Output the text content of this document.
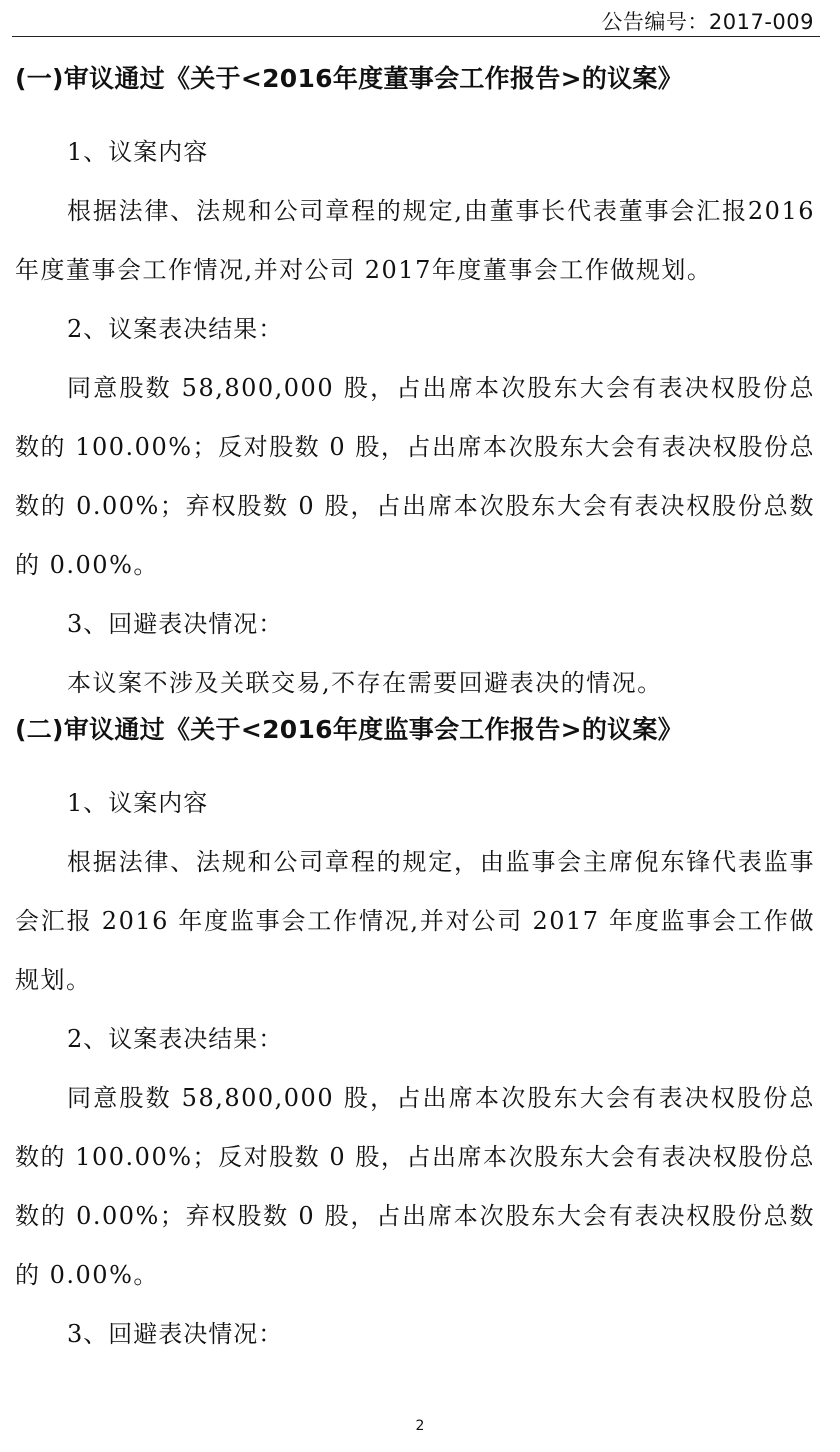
公告编号：2017-009
(一)审议通过《关于<2016年度董事会工作报告>的议案》

1、议案内容

根据法律、法规和公司章程的规定,由董事长代表董事会汇报2016年度董事会工作情况,并对公司 2017年度董事会工作做规划。

2、议案表决结果：

同意股数 58,800,000 股，占出席本次股东大会有表决权股份总数的 100.00%；反对股数 0 股，占出席本次股东大会有表决权股份总数的 0.00%；弃权股数 0 股，占出席本次股东大会有表决权股份总数的 0.00%。

3、回避表决情况：

本议案不涉及关联交易,不存在需要回避表决的情况。

(二)审议通过《关于<2016年度监事会工作报告>的议案》

1、议案内容

根据法律、法规和公司章程的规定，由监事会主席倪东锋代表监事会汇报 2016 年度监事会工作情况,并对公司 2017 年度监事会工作做规划。

2、议案表决结果：

同意股数 58,800,000 股，占出席本次股东大会有表决权股份总数的 100.00%；反对股数 0 股，占出席本次股东大会有表决权股份总数的 0.00%；弃权股数 0 股，占出席本次股东大会有表决权股份总数的 0.00%。

3、回避表决情况：

2
